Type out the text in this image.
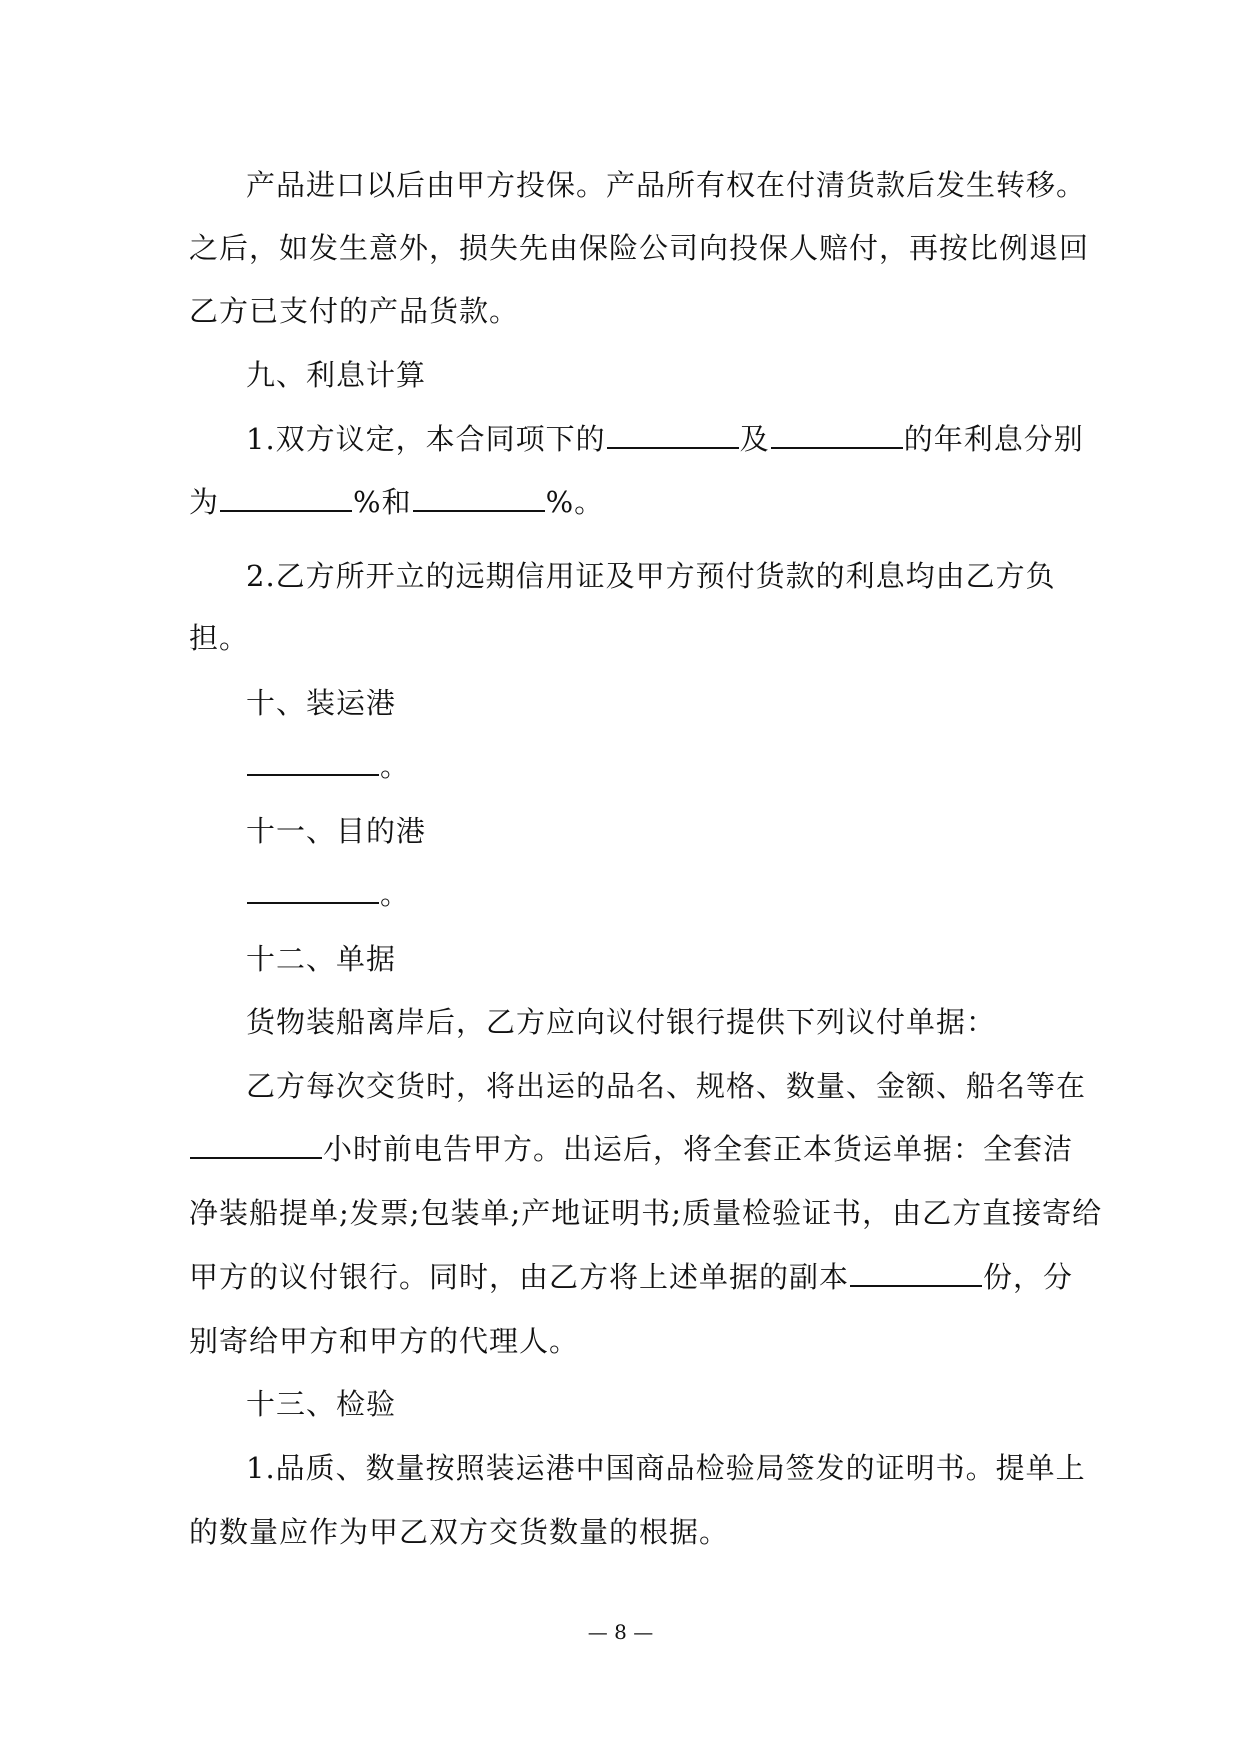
产品进口以后由甲方投保。产品所有权在付清货款后发生转移。
之后，如发生意外，损失先由保险公司向投保人赔付，再按比例退回
乙方已支付的产品货款。
九、利息计算
1.双方议定，本合同项下的	及	的年利息分别
为	%和	%。
2.乙方所开立的远期信用证及甲方预付货款的利息均由乙方负
担。
十、装运港
。
十一、目的港
。
十二、单据
货物装船离岸后，乙方应向议付银行提供下列议付单据：
乙方每次交货时，将出运的品名、规格、数量、金额、船名等在
小时前电告甲方。出运后，将全套正本货运单据：全套洁
净装船提单;发票;包装单;产地证明书;质量检验证书，由乙方直接寄给
甲方的议付银行。同时，由乙方将上述单据的副本	份，分
别寄给甲方和甲方的代理人。
十三、检验
1.品质、数量按照装运港中国商品检验局签发的证明书。提单上
的数量应作为甲乙双方交货数量的根据。
— 8 —
